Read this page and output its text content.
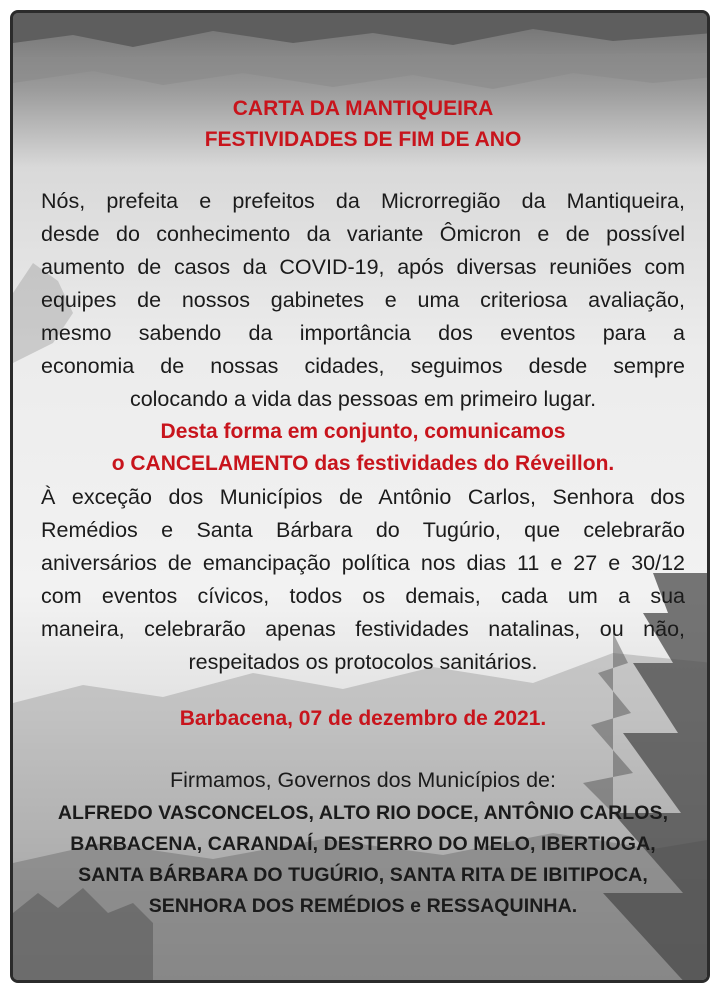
CARTA DA MANTIQUEIRA

FESTIVIDADES DE FIM DE ANO

Nós, prefeita e prefeitos da Microrregião da Mantiqueira,

desde do conhecimento da variante Ômicron e de possível

aumento de casos da COVID-19, após diversas reuniões com

equipes de nossos gabinetes e uma criteriosa avaliação,

mesmo sabendo da importância dos eventos para a

economia de nossas cidades, seguimos desde sempre

colocando a vida das pessoas em primeiro lugar.

Desta forma em conjunto, comunicamos

o CANCELAMENTO das festividades do Réveillon.

À exceção dos Municípios de Antônio Carlos, Senhora dos

Remédios e Santa Bárbara do Tugúrio, que celebrarão

aniversários de emancipação política nos dias 11 e 27 e 30/12

com eventos cívicos, todos os demais, cada um a sua

maneira, celebrarão apenas festividades natalinas, ou não,

respeitados os protocolos sanitários.

Barbacena, 07 de dezembro de 2021.

Firmamos, Governos dos Municípios de:

ALFREDO VASCONCELOS, ALTO RIO DOCE, ANTÔNIO CARLOS,

BARBACENA, CARANDAÍ, DESTERRO DO MELO, IBERTIOGA,

SANTA BÁRBARA DO TUGÚRIO, SANTA RITA DE IBITIPOCA,

SENHORA DOS REMÉDIOS e RESSAQUINHA.
